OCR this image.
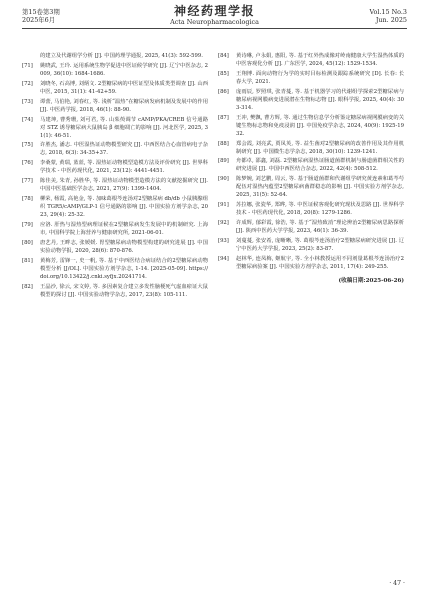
第15卷第3期
2025年6月
神经药理学报
Acta Neuropharmacologica
Vol.15 No.3
Jun. 2025
的建立及代谢组学分析 [J]. 中国药理学通报, 2025, 41(3): 592-599.
[71]	姚晓武, 王玲. 运用系统生物学促进中医证候学研究 [J]. 辽宁中医杂志, 2009, 36(10): 1684-1686.
[72]	刘晓冬, 石高博, 刘炳文. 2型糖尿病的中医证型及体质类型调查 [J]. 山西中医, 2015, 31(1): 41-42+59.
[73]	谭蕾, 马伯艳, 刘春红, 等. 浅析“温热”在糖尿病发病机制及发展中的作用 [J]. 中医药学报, 2018, 46(1): 88-90.
[74]	马建坤, 曹秀珊, 刘可君, 等. 山茱萸调节 cAMP/PKA/CREB 信号通路对 STZ 诱导糖尿病大鼠胰岛 β 细胞凋亡的影响 [J]. 河北医学, 2025, 31(1): 46-51.
[75]	许胜杰, 潘志. 中医湿热证动物模型研究 [J]. 中西医结合心血管病电子杂志, 2018, 6(3): 34-35+37.
[76]	李桑蒙, 黄瑞, 蓝蓝, 等. 湿热证动物模型造模方法及评价研究 [J]. 世界科学技术 - 中医药现代化, 2021, 23(12): 4441-4451.
[77]	陈佳美, 朱青, 孙胜华, 等. 湿热证动物模型造模方法的文献挖掘研究 [J]. 中国中医基础医学杂志, 2021, 27(9): 1399-1404.
[78]	柳荣, 杨霞, 高艳金, 等. 加味葛根芩连汤对2型糖尿病 db/db 小鼠胰腺组织 TGR5/cAMP/GLP-1 信号通路的影响 [J]. 中国实验方剂学杂志, 2023, 29(4): 25-32.
[79]	应洛. 肝热与湿热型病理证候在2型糖尿病发生发展中的机制研究. 上海市, 中国科学院上海营养与健康研究所, 2021-06-01.
[80]	唐艺丹, 王畔志, 张媛媛. 胃型糖尿病动物模型构建的研究进展 [J]. 中国实验动物学报, 2020, 28(6): 870-876.
[81]	黄梅芳, 雷锋一, 史一帆, 等. 基于中西医结合病证结合的2型糖尿病动物模型分析 [J/OL]. 中国实验方剂学杂志, 1-14. [2025-05-09]. https://doi.org/10.13422/j.cnki.syfjx.20241714.
[82]	王晶沙, 徐云, 宋文婷, 等. 多因素复合建立多发性脑梗死气虚血瘀证大鼠模型的探讨 [J]. 中国实验动物学杂志, 2017, 23(8): 105-111.
[84]	黄诗琳, 卢永娟, 惠阳, 等. 基于红外热成像对岭南健康大学生湿热体质的中医客观化分析 [J]. 广东医学, 2024, 45(12): 1529-1534.
[85]	王翔博. 面向动物行为学的实时目标检测及跟踪系统研究 [D]. 长春: 长春大学, 2021.
[86]	庞雨辰, 罗照琪, 张青蔓, 等. 基于机器学习的代谢组学探索2型糖尿病与糖尿病视网膜病变进展潜在生物标志物 [J]. 眼科学报, 2025, 40(4): 303-314.
[87]	王冲, 樊飘, 曹方辉, 等. 通过生物信息学分析鉴定糖尿病视网膜病变的关键生物标志物和免疫浸润 [J]. 中国免疫学杂志, 2024, 40(9): 1925-1932.
[88]	郑会霞, 刘亮武, 贾凤英, 等. 益生菌对2型糖尿病的改善作用及其作用机制研究 [J]. 中国微生态学杂志, 2018, 30(10): 1239-1241.
[89]	舟都卓, 邵鑫, 刘磊. 2型糖尿病湿热证肠道菌群机制与肠道菌群相关性的研究进展 [J]. 中国中西医结合杂志, 2022, 42(4): 508-512.
[90]	陈梦婉, 刘艺鹏, 周云, 等. 基于肠道菌群和代谢组学研究黄连素和葛芩芍配伍对湿热内蕴型2型糖尿病菌群稳态的影响 [J]. 中国实验方剂学杂志, 2025, 31(5): 52-64.
[91]	苏拉娜, 张瓷华, 郑晔, 等. 中医证候客观化研究现状及思路 [J]. 世界科学技术 - 中医药现代化, 2018, 20(8): 1279-1286.
[92]	许成辉, 郁彩霞, 徐浩, 等. 基于“湿热致消”理论辨治2型糖尿病思路探析 [J]. 陕西中医药大学学报, 2023, 46(1): 36-39.
[93]	刘蔓蔓, 张安希, 庞晰晰, 等. 葛根芩连汤治疗2型糖尿病研究进展 [J]. 辽宁中医药大学学报, 2023, 25(2): 83-87.
[94]	赵林华, 连凤梅, 姬航宇, 等. 全小林教授运用不同剂量葛根芩连汤治疗2型糖尿病验案 [J]. 中国实验方剂学杂志, 2011, 17(4): 249-255.
(收稿日期:2025-06-26)
· 47 ·
